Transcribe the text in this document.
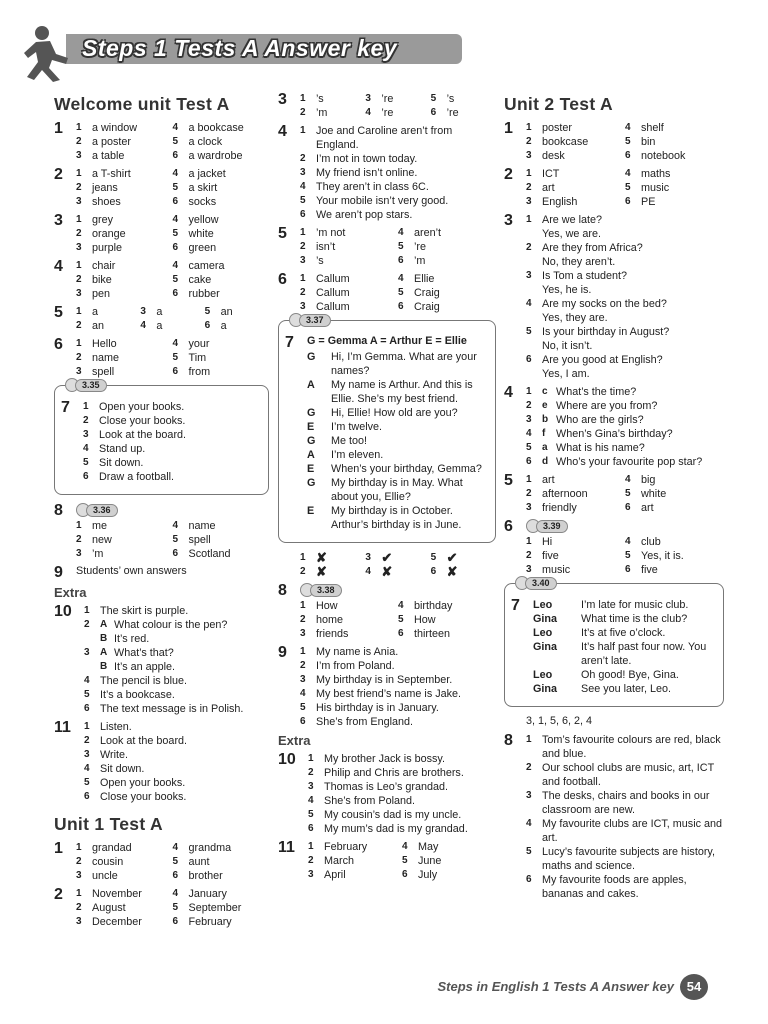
Steps 1 Tests A Answer key
Welcome unit Test A
1	1 a window	4 a bookcase
2 a poster	5 a clock
3 a table	6 a wardrobe
2	1 a T-shirt	4 a jacket
2 jeans	5 a skirt
3 shoes	6 socks
3	1 grey	4 yellow
2 orange	5 white
3 purple	6 green
4	1 chair	4 camera
2 bike	5 cake
3 pen	6 rubber
5	1 a	3 a	5 an
2 an	4 a	6 a
6	1 Hello	4 your
2 name	5 Tim
3 spell	6 from
3.35
7	1 Open your books.
2 Close your books.
3 Look at the board.
4 Stand up.
5 Sit down.
6 Draw a football.
8	3.36
1 me	4 name
2 new	5 spell
3 ’m	6 Scotland
9	Students’ own answers
Extra
10	1 The skirt is purple.
2	A What colour is the pen?
B It’s red.
3	A What’s that?
B It’s an apple.
4 The pencil is blue.
5 It’s a bookcase.
6 The text message is in Polish.
11	1 Listen.
2 Look at the board.
3 Write.
4 Sit down.
5 Open your books.
6 Close your books.
Unit 1 Test A
1	1 grandad	4 grandma
2 cousin	5 aunt
3 uncle	6 brother
2	1 November	4 January
2 August	5 September
3 December	6 February
3	1 ’s	3 ’re	5 ’s
2 ’m	4 ’re	6 ’re
4	1 Joe and Caroline aren’t from England.
2 I’m not in town today.
3 My friend isn’t online.
4 They aren’t in class 6C.
5 Your mobile isn’t very good.
6 We aren’t pop stars.
5	1 ’m not	4 aren’t
2 isn’t	5 ’re
3 ’s	6 ’m
6	1 Callum	4 Ellie
2 Callum	5 Craig
3 Callum	6 Craig
3.37
7	G = Gemma A = Arthur E = Ellie
G	Hi, I’m Gemma. What are your names?
A	My name is Arthur. And this is Ellie. She’s my best friend.
G	Hi, Ellie! How old are you?
E	I’m twelve.
G	Me too!
A	I’m eleven.
E	When’s your birthday, Gemma?
G	My birthday is in May. What about you, Ellie?
E	My birthday is in October. Arthur’s birthday is in June.
1 ✘	3 ✔	5 ✔
2 ✘	4 ✘	6 ✘
8	3.38
1 How	4 birthday
2 home	5 How
3 friends	6 thirteen
9	1 My name is Ania.
2 I’m from Poland.
3 My birthday is in September.
4 My best friend’s name is Jake.
5 His birthday is in January.
6 She’s from England.
Extra
10	1 My brother Jack is bossy.
2 Philip and Chris are brothers.
3 Thomas is Leo’s grandad.
4 She’s from Poland.
5 My cousin’s dad is my uncle.
6 My mum’s dad is my grandad.
11	1 February	4 May
2 March	5 June
3 April	6 July
Unit 2 Test A
1	1 poster	4 shelf
2 bookcase	5 bin
3 desk	6 notebook
2	1 ICT	4 maths
2 art	5 music
3 English	6 PE
3	1 Are we late?
Yes, we are.
2 Are they from Africa?
No, they aren’t.
3 Is Tom a student?
Yes, he is.
4 Are my socks on the bed?
Yes, they are.
5 Is your birthday in August?
No, it isn’t.
6 Are you good at English?
Yes, I am.
4	1	c What’s the time?
2	e Where are you from?
3	b Who are the girls?
4	f When’s Gina’s birthday?
5	a What is his name?
6	d Who’s your favourite pop star?
5	1 art	4 big
2 afternoon	5 white
3 friendly	6 art
6	3.39
1 Hi	4 club
2 five	5 Yes, it is.
3 music	6 five
3.40
7	Leo	I’m late for music club.
Gina	What time is the club?
Leo	It’s at five o’clock.
Gina	It’s half past four now. You aren’t late.
Leo	Oh good! Bye, Gina.
Gina	See you later, Leo.
3, 1, 5, 6, 2, 4
8	1 Tom’s favourite colours are red, black and blue.
2 Our school clubs are music, art, ICT and football.
3 The desks, chairs and books in our classroom are new.
4 My favourite clubs are ICT, music and art.
5 Lucy’s favourite subjects are history, maths and science.
6 My favourite foods are apples, bananas and cakes.
Steps in English 1 Tests A Answer key 54
